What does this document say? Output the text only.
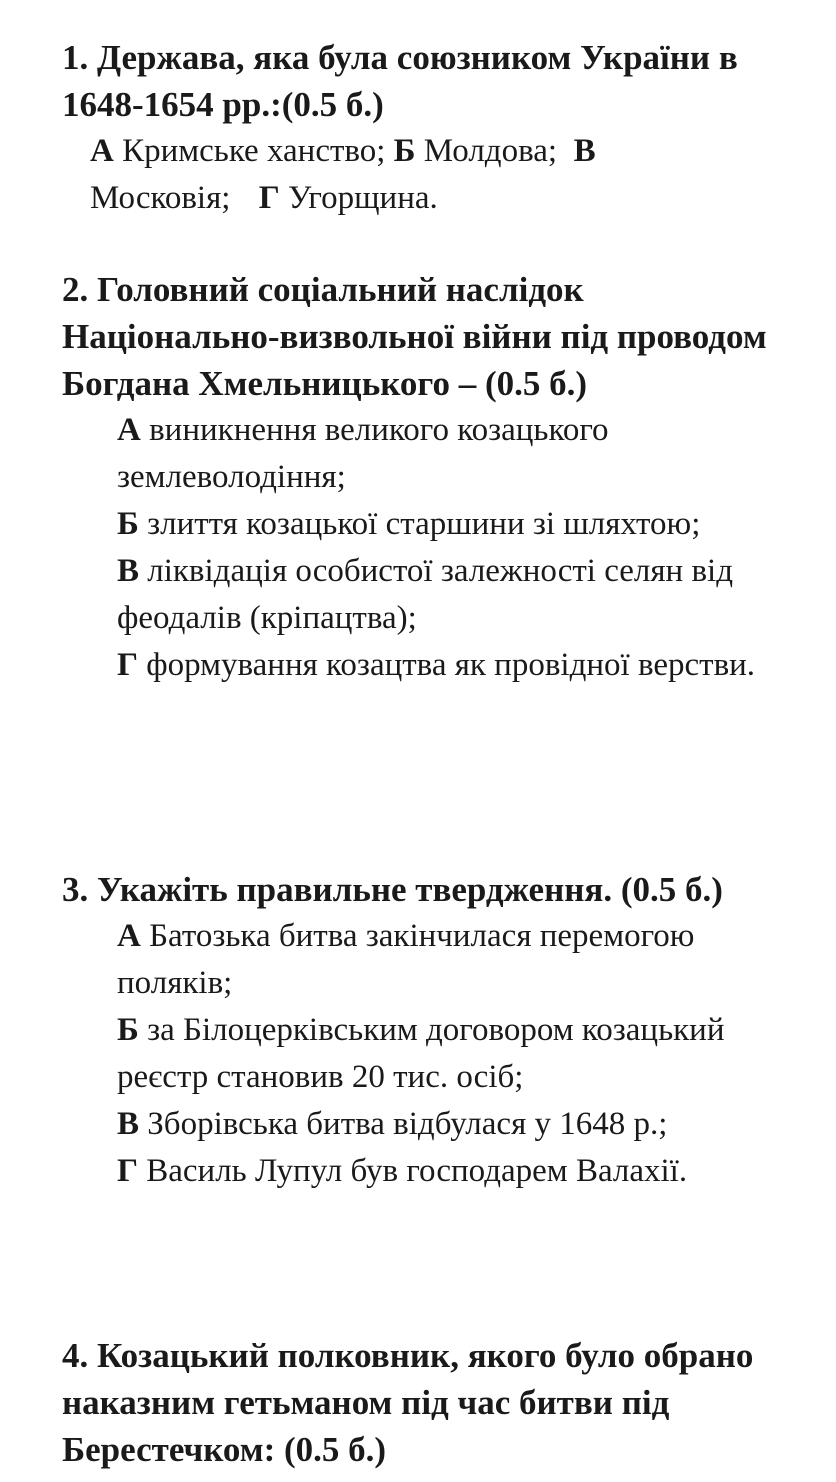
1. Держава, яка була союзником України в 1648-1654 рр.:(0.5 б.)

А Кримське ханство; Б Молдова; В Московія; Г Угорщина.

2. Головний соціальний наслідок Національно-визвольної війни під проводом Богдана Хмельницького – (0.5 б.)

А виникнення великого козацького землеволодіння;
Б злиття козацької старшини зі шляхтою;
В ліквідація особистої залежності селян від феодалів (кріпацтва);
Г формування козацтва як провідної верстви.

3. Укажіть правильне твердження. (0.5 б.)

А Батозька битва закінчилася перемогою поляків;
Б за Білоцерківським договором козацький реєстр становив 20 тис. осіб;
В Зборівська битва відбулася у 1648 р.;
Г Василь Лупул був господарем Валахії.

4. Козацький полковник, якого було обрано наказним гетьманом під час битви під Берестечком: (0.5 б.)
